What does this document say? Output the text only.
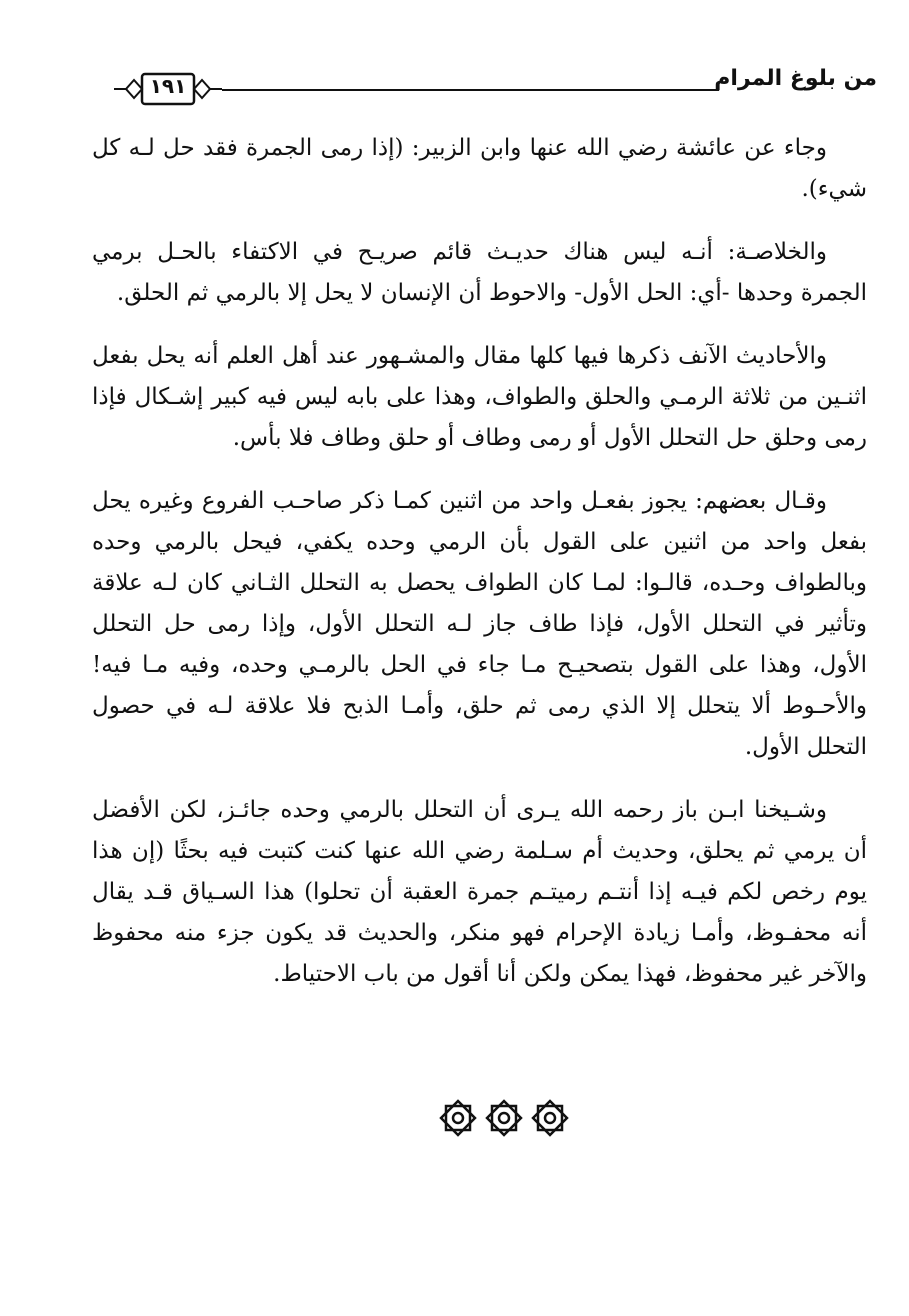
من بلوغ المرام
١٩١

وجاء عن عائشة رضي الله عنها وابن الزبير: (إذا رمى الجمرة فقد حل لـه كل شيء).

والخلاصـة: أنـه ليس هناك حديـث قائم صريـح في الاكتفاء بالحـل برمي الجمرة وحدها -أي: الحل الأول- والاحوط أن الإنسان لا يحل إلا بالرمي ثم الحلق.

والأحاديث الآنف ذكرها فيها كلها مقال والمشـهور عند أهل العلم أنه يحل بفعل اثنـين من ثلاثة الرمـي والحلق والطواف، وهذا على بابه ليس فيه كبير إشـكال فإذا رمى وحلق حل التحلل الأول أو رمى وطاف أو حلق وطاف فلا بأس.

وقـال بعضهم: يجوز بفعـل واحد من اثنين كمـا ذكر صاحـب الفروع وغيره يحل بفعل واحد من اثنين على القول بأن الرمي وحده يكفي، فيحل بالرمي وحده وبالطواف وحـده، قالـوا: لمـا كان الطواف يحصل به التحلل الثـاني كان لـه علاقة وتأثير في التحلل الأول، فإذا طاف جاز لـه التحلل الأول، وإذا رمى حل التحلل الأول، وهذا على القول بتصحيـح مـا جاء في الحل بالرمـي وحده، وفيه مـا فيه! والأحـوط ألا يتحلل إلا الذي رمى ثم حلق، وأمـا الذبح فلا علاقة لـه في حصول التحلل الأول.

وشـيخنا ابـن باز رحمه الله يـرى أن التحلل بالرمي وحده جائـز، لكن الأفضل أن يرمي ثم يحلق، وحديث أم سـلمة رضي الله عنها كنت كتبت فيه بحثًا (إن هذا يوم رخص لكم فيـه إذا أنتـم رميتـم جمرة العقبة أن تحلوا) هذا السـياق قـد يقال أنه محفـوظ، وأمـا زيادة الإحرام فهو منكر، والحديث قد يكون جزء منه محفوظ والآخر غير محفوظ، فهذا يمكن ولكن أنا أقول من باب الاحتياط.
